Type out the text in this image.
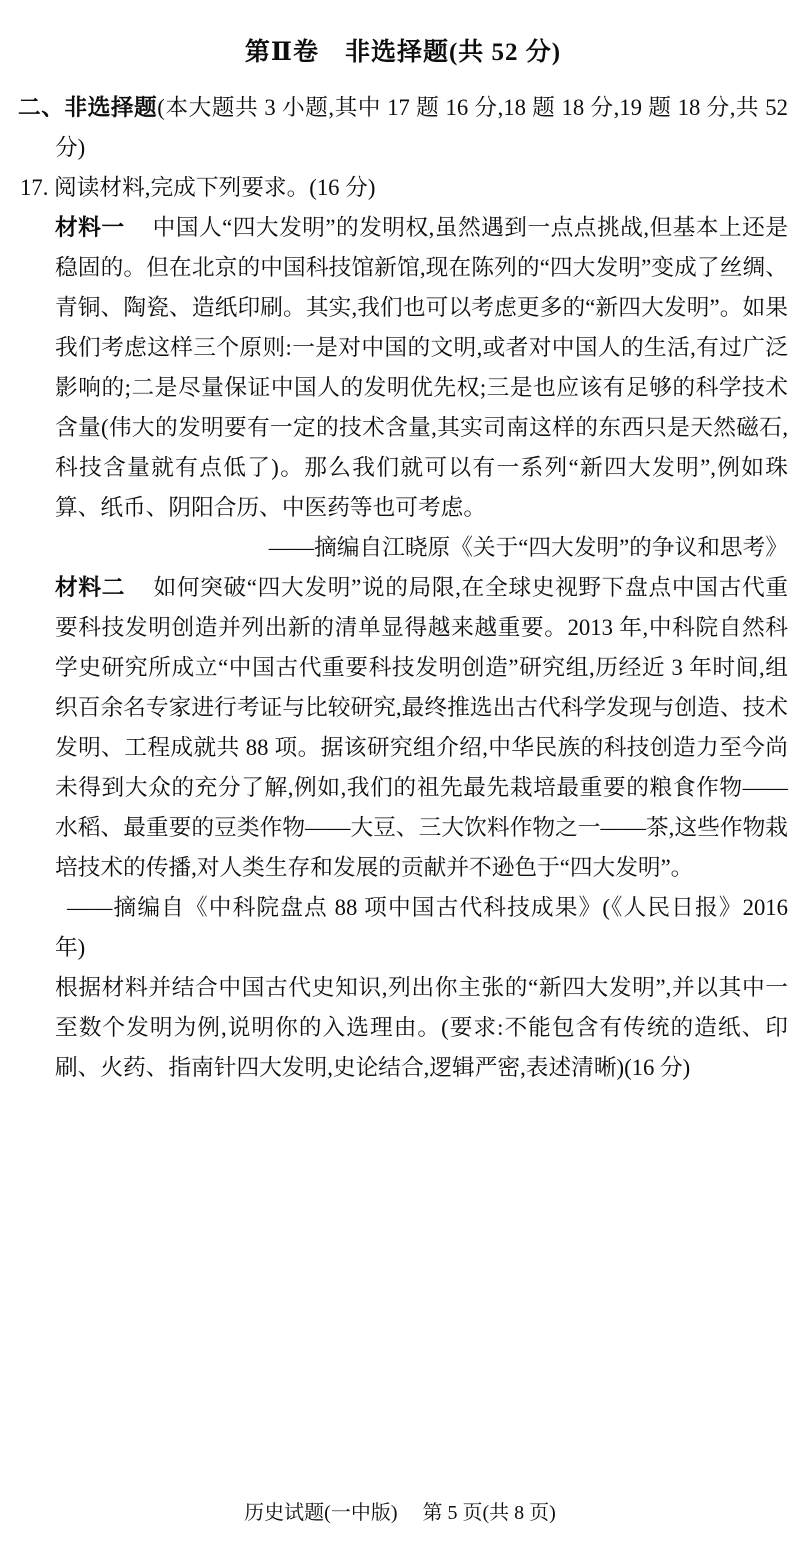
第Ⅱ卷　非选择题(共 52 分)

二、非选择题(本大题共 3 小题,其中 17 题 16 分,18 题 18 分,19 题 18 分,共 52 分)

17. 阅读材料,完成下列要求。(16 分)

材料一 中国人“四大发明”的发明权,虽然遇到一点点挑战,但基本上还是稳固的。但在北京的中国科技馆新馆,现在陈列的“四大发明”变成了丝绸、青铜、陶瓷、造纸印刷。其实,我们也可以考虑更多的“新四大发明”。如果我们考虑这样三个原则:一是对中国的文明,或者对中国人的生活,有过广泛影响的;二是尽量保证中国人的发明优先权;三是也应该有足够的科学技术含量(伟大的发明要有一定的技术含量,其实司南这样的东西只是天然磁石,科技含量就有点低了)。那么我们就可以有一系列“新四大发明”,例如珠算、纸币、阴阳合历、中医药等也可考虑。

——摘编自江晓原《关于“四大发明”的争议和思考》

材料二 如何突破“四大发明”说的局限,在全球史视野下盘点中国古代重要科技发明创造并列出新的清单显得越来越重要。2013 年,中科院自然科学史研究所成立“中国古代重要科技发明创造”研究组,历经近 3 年时间,组织百余名专家进行考证与比较研究,最终推选出古代科学发现与创造、技术发明、工程成就共 88 项。据该研究组介绍,中华民族的科技创造力至今尚未得到大众的充分了解,例如,我们的祖先最先栽培最重要的粮食作物——水稻、最重要的豆类作物——大豆、三大饮料作物之一——茶,这些作物栽培技术的传播,对人类生存和发展的贡献并不逊色于“四大发明”。

——摘编自《中科院盘点 88 项中国古代科技成果》(《人民日报》2016 年)

根据材料并结合中国古代史知识,列出你主张的“新四大发明”,并以其中一至数个发明为例,说明你的入选理由。(要求:不能包含有传统的造纸、印刷、火药、指南针四大发明,史论结合,逻辑严密,表述清晰)(16 分)

历史试题(一中版)　 第 5 页(共 8 页)
